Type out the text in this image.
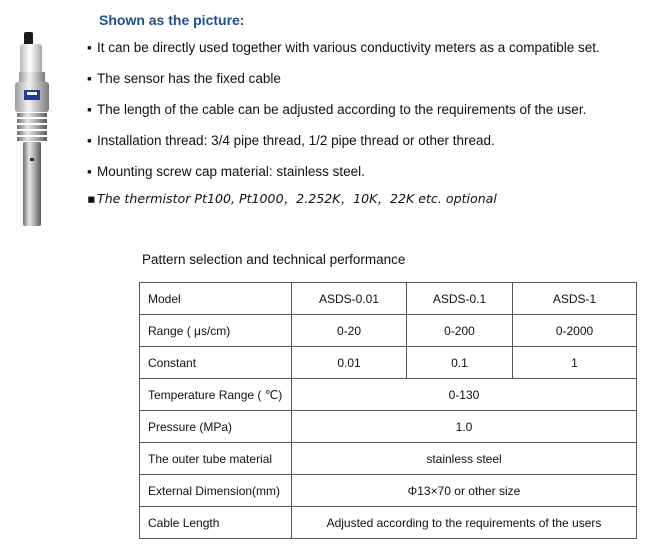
Shown as the picture:
▪ It can be directly used together with various conductivity meters as a compatible set.
▪ The sensor has the fixed cable
▪ The length of the cable can be adjusted according to the requirements of the user.
▪ Installation thread: 3/4 pipe thread, 1/2 pipe thread or other thread.
▪ Mounting screw cap material: stainless steel.
▪The thermistor Pt100, Pt1000，2.252K，10K，22K etc. optional
Pattern selection and technical performance
Model	ASDS-0.01	ASDS-0.1	ASDS-1
Range ( μs/cm)	0-20	0-200	0-2000
Constant	0.01	0.1	1
Temperature Range ( ℃)	0-130		
Pressure (MPa)	1.0		
The outer tube material	stainless steel		
External Dimension(mm)	Φ13×70 or other size		
Cable Length	Adjusted according to the requirements of the users		
